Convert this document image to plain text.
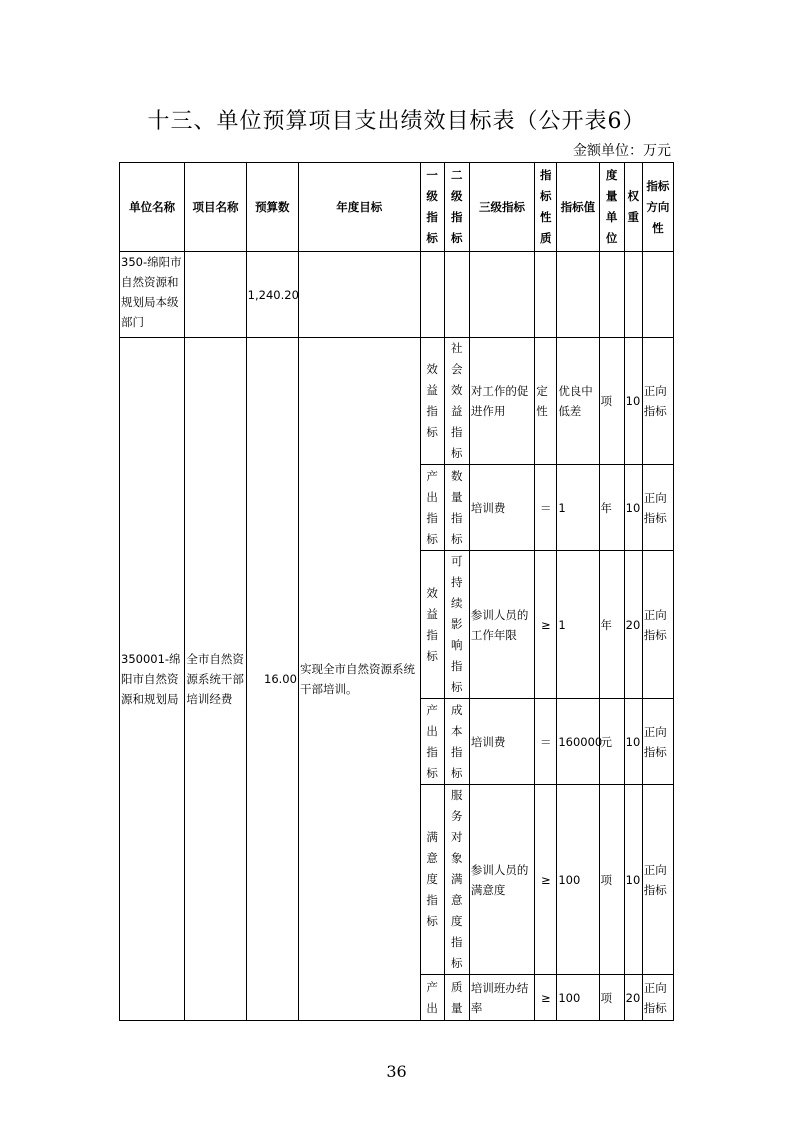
十三、单位预算项目支出绩效目标表（公开表6）
金额单位：万元
单位名称	项目名称	预算数	年度目标	一级指标	二级指标	三级指标	指标性质	指标值	度量单位	权重	指标方向性

350-绵阳市自然资源和规划局本级部门		1,240.20									
350001-绵阳市自然资源和规划局	全市自然资源系统干部培训经费	16.00	实现全市自然资源系统干部培训。	效益指标	社会效益指标	对工作的促进作用	定性	优良中低差	项	10	正向指标

				产出指标	数量指标	培训费	＝	1	年	10	正向指标

				效益指标	可持续影响指标	参训人员的工作年限	≥	1	年	20	正向指标

				产出指标	成本指标	培训费	＝	160000	元	10	正向指标

				满意度指标	服务对象满意度指标	参训人员的满意度	≥	100	项	10	正向指标

				产出	质量	培训班办结率	≥	100	项	20	正向指标
36
